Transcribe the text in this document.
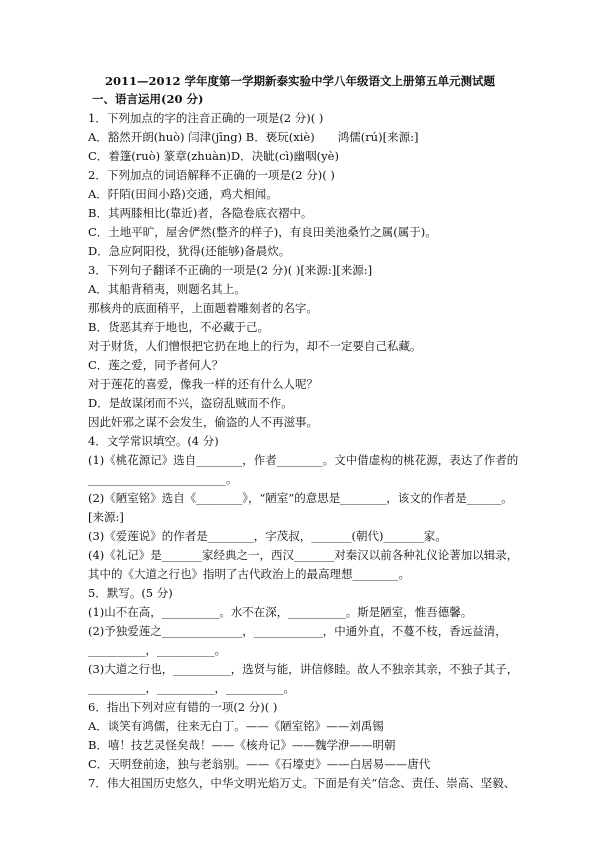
2011—2012 学年度第一学期新泰实验中学八年级语文上册第五单元测试题
一、语言运用(20 分)
1．下列加点的字的注音正确的一项是(2 分)( )
A．豁然开朗(huò) 闫津(jīng) B．亵玩(xiè)　　鸿儒(rú)[来源:]
C．着篷(ruò) 篆章(zhuàn)D．决眦(cì)幽咽(yè)
2．下列加点的词语解释不正确的一项是(2 分)( )
A．阡陌(田间小路)交通，鸡犬相闻。
B．其两膝相比(靠近)者，各隐卷底衣褶中。
C．土地平旷，屋舍俨然(整齐的样子)，有良田美池桑竹之属(属于)。
D．急应阿阳役，犹得(还能够)备晨炊。
3．下列句子翻译不正确的一项是(2 分)( )[来源:][来源:]
A．其船背稍夷，则题名其上。
那核舟的底面稍平，上面题着雕刻者的名字。
B．货恶其弃于地也，不必藏于己。
对于财货，人们憎恨把它扔在地上的行为，却不一定要自己私藏。
C．莲之爱，同予者何人？
对于莲花的喜爱，像我一样的还有什么人呢？
D．是故谋闭而不兴，盗窃乱贼而不作。
因此奸邪之谋不会发生，偷盗的人不再滋事。
4．文学常识填空。(4 分)
(1)《桃花源记》选自________，作者________。文中借虚构的桃花源，表达了作者的
________________________。
(2)《陋室铭》选自《________》，“陋室”的意思是________，该文的作者是______。
[来源:]
(3)《爱莲说》的作者是________，字茂叔，_______(朝代)_______家。
(4)《礼记》是_______家经典之一，西汉_______对秦汉以前各种礼仪论著加以辑录，
其中的《大道之行也》指明了古代政治上的最高理想________。
5．默写。(5 分)
(1)山不在高，__________。水不在深，__________。斯是陋室，惟吾德馨。
(2)予独爱莲之______________，____________，中通外直，不蔓不枝，香远益清，
__________，__________。
(3)大道之行也，__________，选贤与能，讲信修睦。故人不独亲其亲，不独子其子，
__________，__________，__________。
6．指出下列对应有错的一项(2 分)( )
A．谈笑有鸿儒，往来无白丁。——《陋室铭》——刘禹锡
B．嘻！技艺灵怪矣哉！——《核舟记》——魏学洢——明朝
C．天明登前途，独与老翁别。——《石壕吏》——白居易——唐代
7．伟大祖国历史悠久，中华文明光焰万丈。下面是有关“信念、责任、崇高、坚毅、
